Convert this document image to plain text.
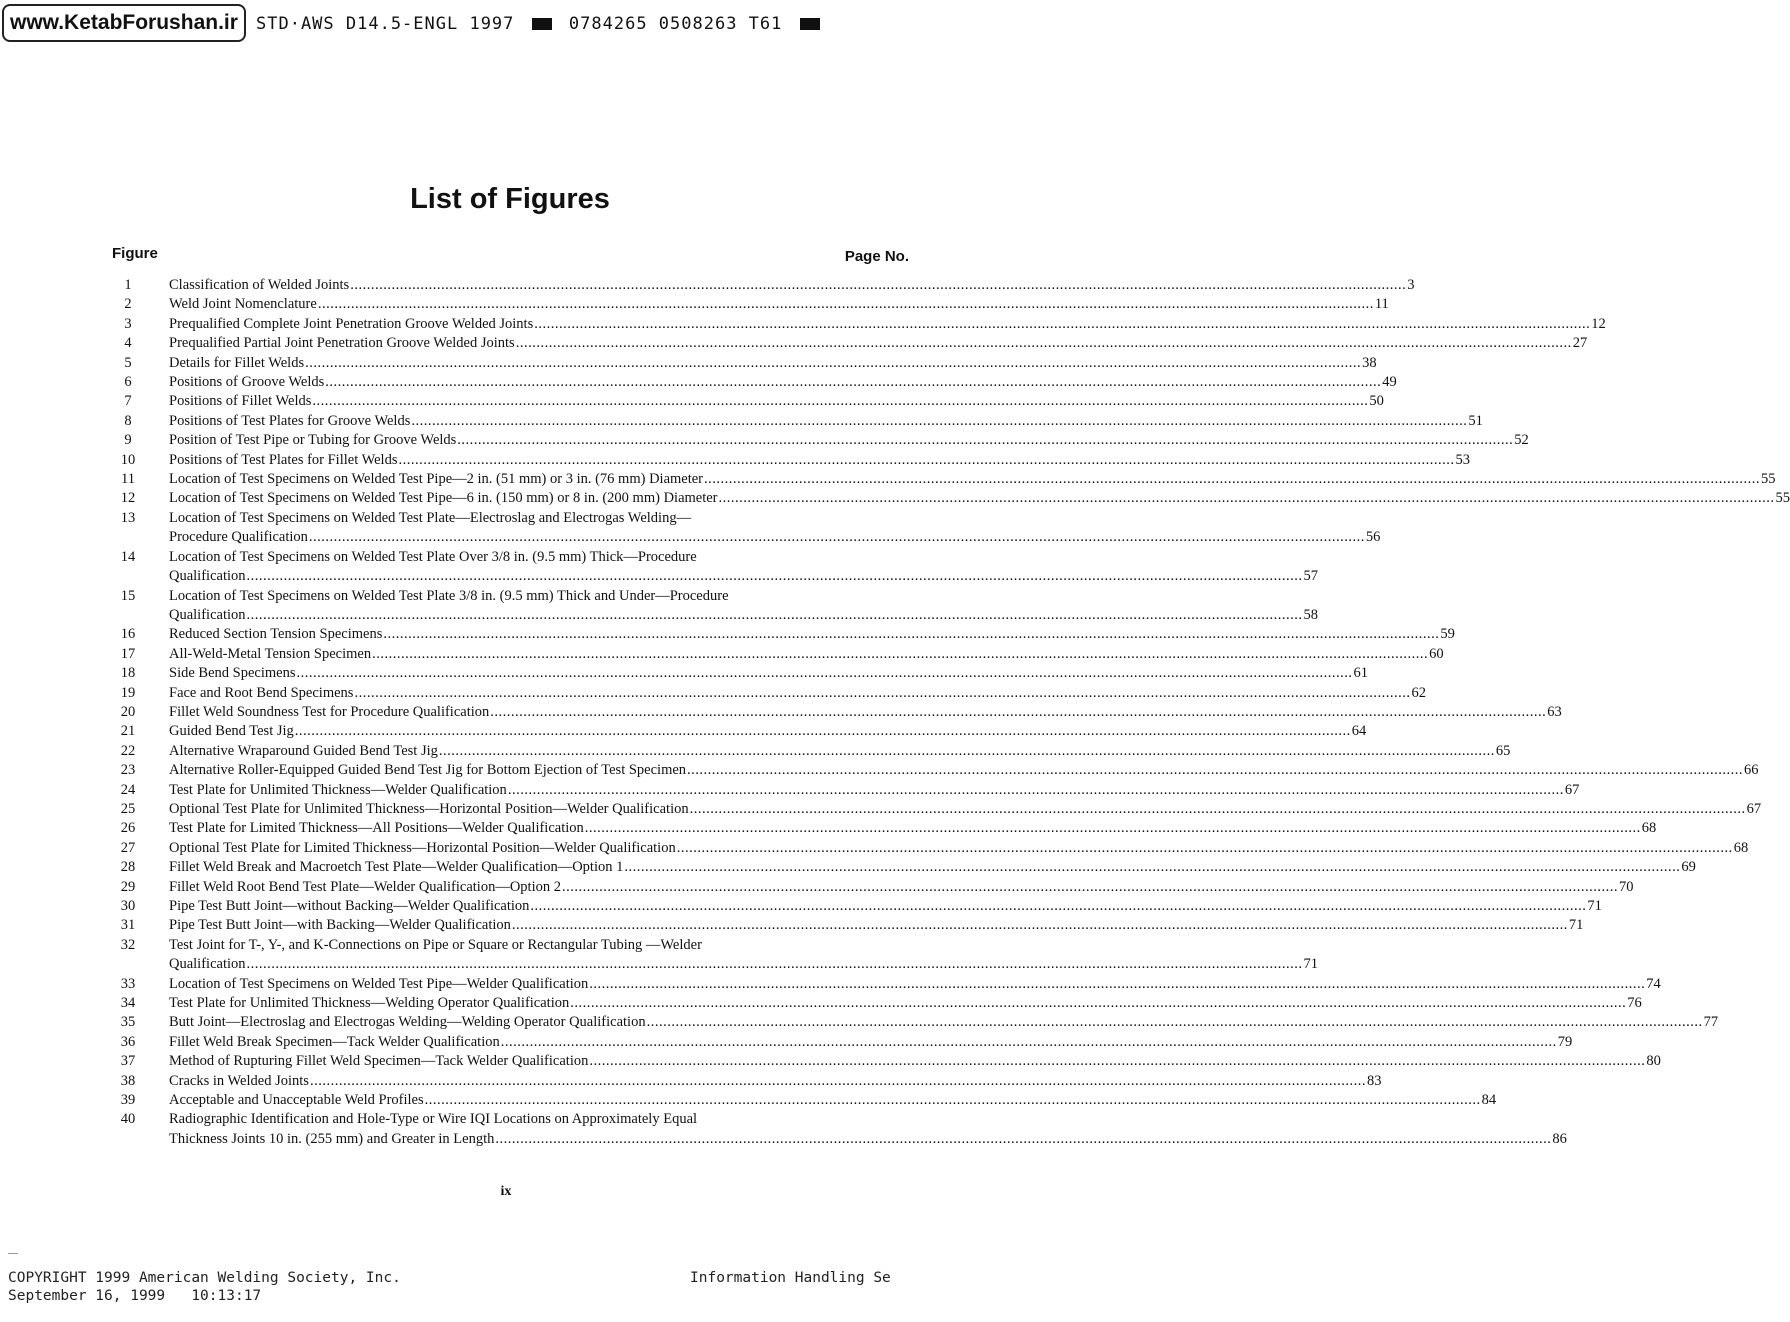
www.KetabForushan.ir	STD·AWS D14.5-ENGL 1997	0784265 0508263 T61
List of Figures
Figure	Page No.
1	Classification of Welded Joints .....	3
2	Weld Joint Nomenclature .....	11
3	Prequalified Complete Joint Penetration Groove Welded Joints .....	12
4	Prequalified Partial Joint Penetration Groove Welded Joints .....	27
5	Details for Fillet Welds .....	38
6	Positions of Groove Welds .....	49
7	Positions of Fillet Welds .....	50
8	Positions of Test Plates for Groove Welds .....	51
9	Position of Test Pipe or Tubing for Groove Welds .....	52
10	Positions of Test Plates for Fillet Welds .....	53
11	Location of Test Specimens on Welded Test Pipe—2 in. (51 mm) or 3 in. (76 mm) Diameter .....	55
12	Location of Test Specimens on Welded Test Pipe—6 in. (150 mm) or 8 in. (200 mm) Diameter .....	55
13	Location of Test Specimens on Welded Test Plate—Electroslag and Electrogas Welding—
Procedure Qualification .....	56
14	Location of Test Specimens on Welded Test Plate Over 3/8 in. (9.5 mm) Thick—Procedure
Qualification .....	57
15	Location of Test Specimens on Welded Test Plate 3/8 in. (9.5 mm) Thick and Under—Procedure
Qualification .....	58
16	Reduced Section Tension Specimens .....	59
17	All-Weld-Metal Tension Specimen .....	60
18	Side Bend Specimens .....	61
19	Face and Root Bend Specimens .....	62
20	Fillet Weld Soundness Test for Procedure Qualification .....	63
21	Guided Bend Test Jig .....	64
22	Alternative Wraparound Guided Bend Test Jig .....	65
23	Alternative Roller-Equipped Guided Bend Test Jig for Bottom Ejection of Test Specimen .....	66
24	Test Plate for Unlimited Thickness—Welder Qualification .....	67
25	Optional Test Plate for Unlimited Thickness—Horizontal Position—Welder Qualification .....	67
26	Test Plate for Limited Thickness—All Positions—Welder Qualification .....	68
27	Optional Test Plate for Limited Thickness—Horizontal Position—Welder Qualification .....	68
28	Fillet Weld Break and Macroetch Test Plate—Welder Qualification—Option 1 .....	69
29	Fillet Weld Root Bend Test Plate—Welder Qualification—Option 2 .....	70
30	Pipe Test Butt Joint—without Backing—Welder Qualification .....	71
31	Pipe Test Butt Joint—with Backing—Welder Qualification .....	71
32	Test Joint for T-, Y-, and K-Connections on Pipe or Square or Rectangular Tubing —Welder
Qualification .....	71
33	Location of Test Specimens on Welded Test Pipe—Welder Qualification .....	74
34	Test Plate for Unlimited Thickness—Welding Operator Qualification .....	76
35	Butt Joint—Electroslag and Electrogas Welding—Welding Operator Qualification .....	77
36	Fillet Weld Break Specimen—Tack Welder Qualification .....	79
37	Method of Rupturing Fillet Weld Specimen—Tack Welder Qualification .....	80
38	Cracks in Welded Joints .....	83
39	Acceptable and Unacceptable Weld Profiles .....	84
40	Radiographic Identification and Hole-Type or Wire IQI Locations on Approximately Equal
Thickness Joints 10 in. (255 mm) and Greater in Length .....	86
ix
COPYRIGHT 1999 American Welding Society, Inc.
September 16, 1999   10:13:17
Information Handling Se
